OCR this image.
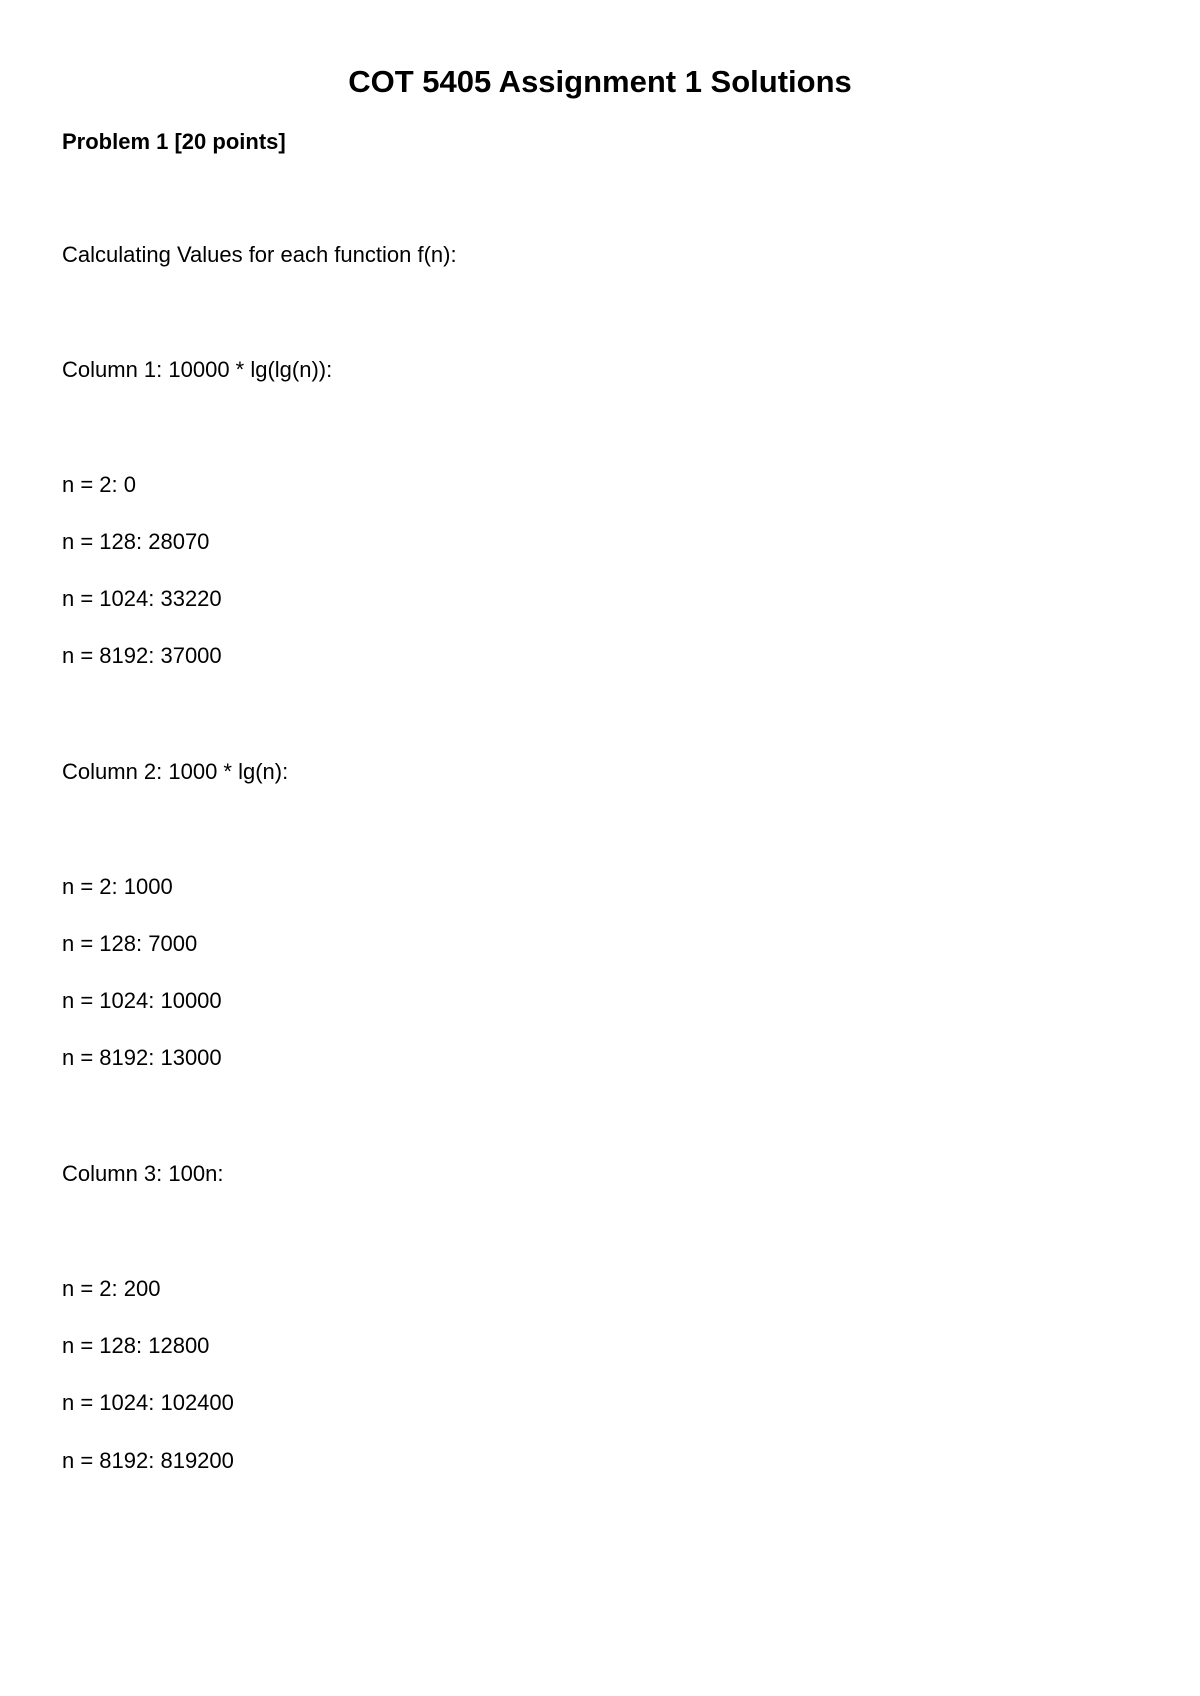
COT 5405 Assignment 1 Solutions
Problem 1 [20 points]

Calculating Values for each function f(n):

Column 1: 10000 * lg(lg(n)):

n = 2: 0

n = 128: 28070

n = 1024: 33220

n = 8192: 37000

Column 2: 1000 * lg(n):

n = 2: 1000

n = 128: 7000

n = 1024: 10000

n = 8192: 13000

Column 3: 100n:

n = 2: 200

n = 128: 12800

n = 1024: 102400

n = 8192: 819200
